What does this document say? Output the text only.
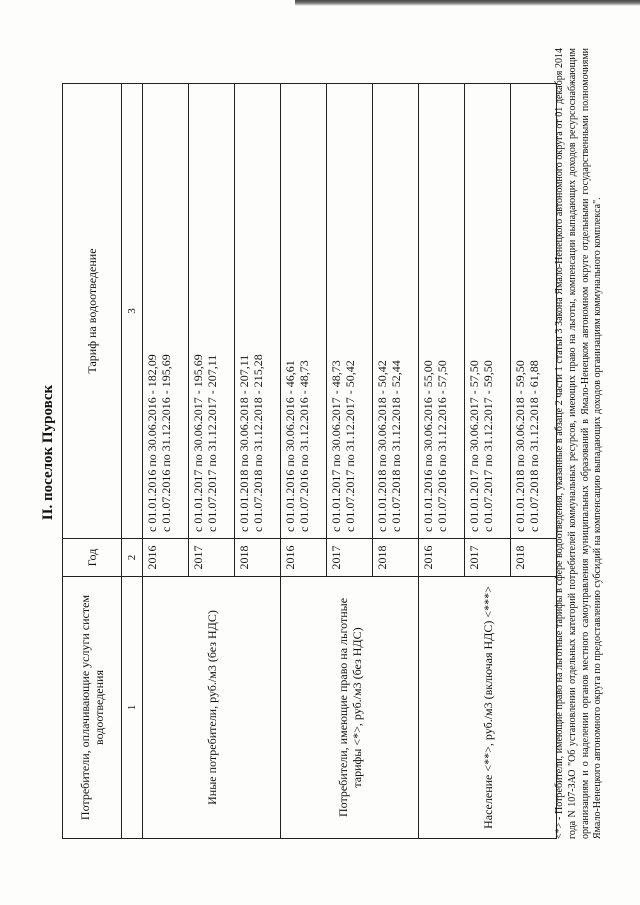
II. поселок Пуровск
Потребители, оплачивающие услуги систем водоотведения	Год	Тариф на водоотведение
1	2	3
Иные потребители, руб./м3 (без НДС)	2016	с 01.01.2016 по 30.06.2016 - 182,09 с 01.07.2016 по 31.12.2016 - 195,69

	2017	с 01.01.2017 по 30.06.2017 - 195,69 с 01.07.2017 по 31.12.2017 - 207,11

	2018	с 01.01.2018 по 30.06.2018 - 207,11 с 01.07.2018 по 31.12.2018 - 215,28

Потребители, имеющие право на льготные тарифы <*>, руб./м3 (без НДС)	2016	с 01.01.2016 по 30.06.2016 - 46,61 с 01.07.2016 по 31.12.2016 - 48,73

	2017	с 01.01.2017 по 30.06.2017 - 48,73 с 01.07.2017 по 31.12.2017 - 50,42

	2018	с 01.01.2018 по 30.06.2018 - 50,42 с 01.07.2018 по 31.12.2018 - 52,44

Население <**>, руб./м3 (включая НДС) <***>	2016	с 01.01.2016 по 30.06.2016 - 55,00 с 01.07.2016 по 31.12.2016 - 57,50

	2017	с 01.01.2017 по 30.06.2017 - 57,50 с 01.07.2017 по 31.12.2017 - 59,50

	2018	с 01.01.2018 по 30.06.2018 - 59,50 с 01.07.2018 по 31.12.2018 - 61,88 <*> - Потребители, имеющие право на льготные тарифы в сфере водоотведения, указанные в абзаце 2 части 1 статьи 3 Закона Ямало-Ненецкого автономного округа от 01 декабря 2014 года N 107-ЗАО "Об установлении отдельных категорий потребителей коммунальных ресурсов, имеющих право на льготы, компенсации выпадающих доходов ресурсоснабжающим организациям и о наделении органов местного самоуправления муниципальных образований в Ямало-Ненецком автономном округе отдельными государственными полномочиями Ямало-Ненецкого автономного округа по предоставлению субсидий на компенсацию выпадающих доходов организациям коммунального комплекса".
